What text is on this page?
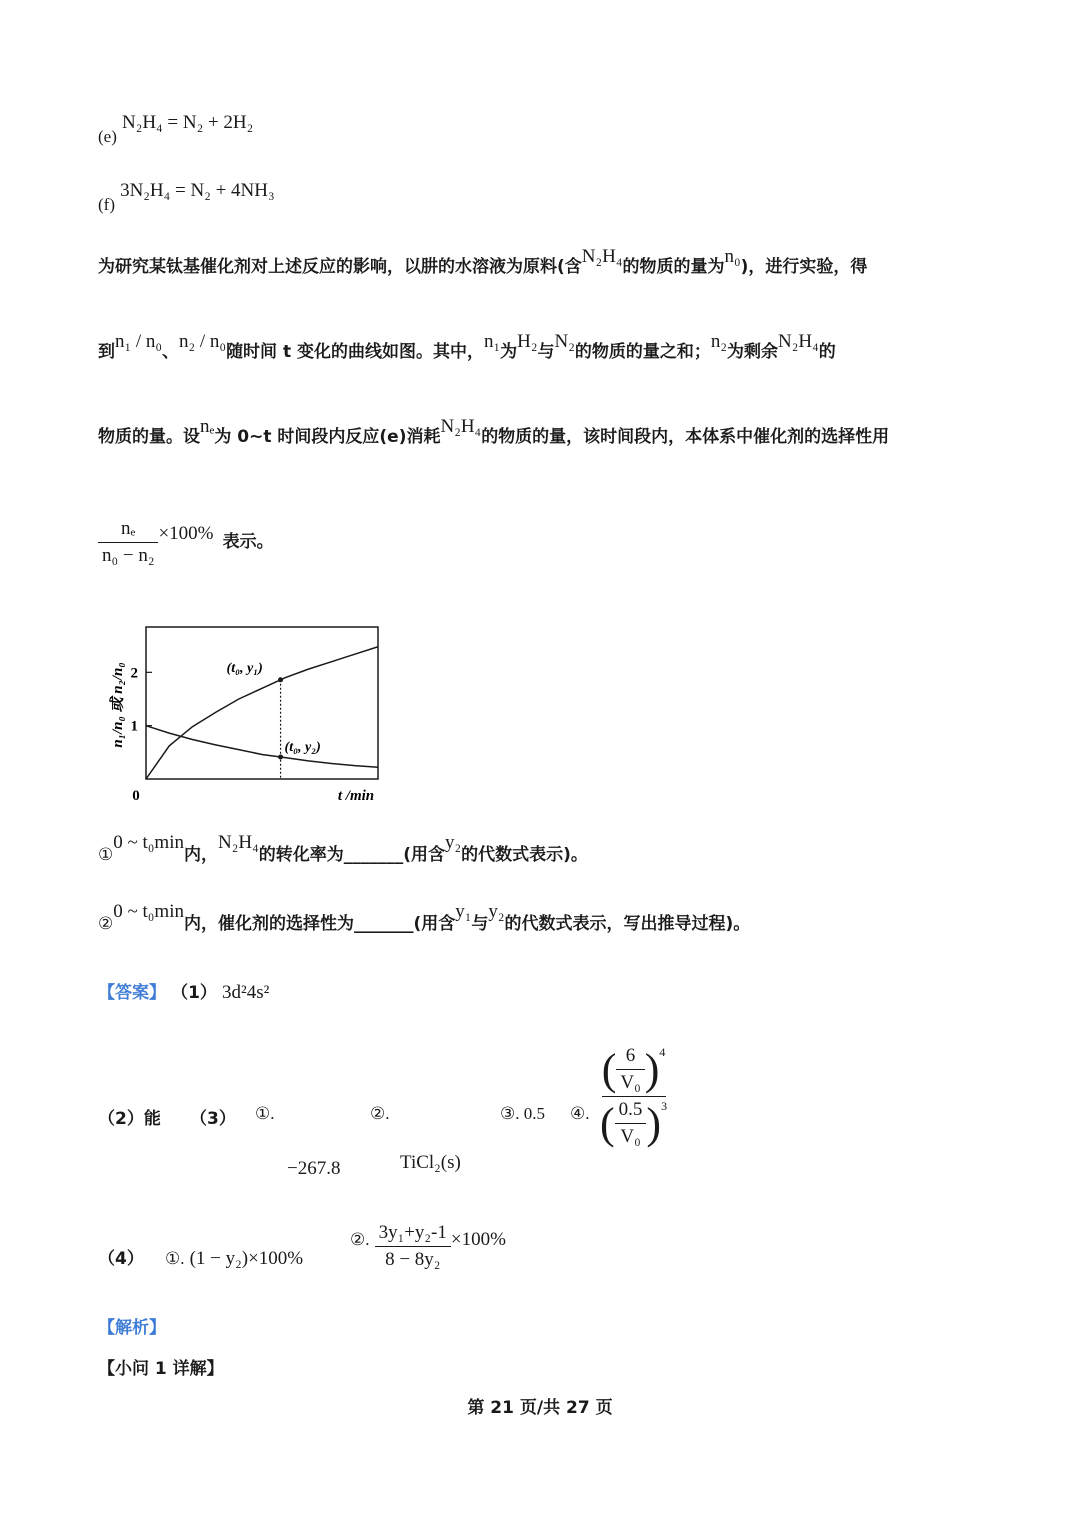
(e) N₂H₄ = N₂ + 2H₂
(f) 3N₂H₄ = N₂ + 4NH₃
为研究某钛基催化剂对上述反应的影响，以肼的水溶液为原料(含N₂H₄的物质的量为n₀)，进行实验，得
到n₁ / n₀、n₂ / n₀随时间 t 变化的曲线如图。其中，n₁为H₂与N₂的物质的量之和；n₂为剩余N₂H₄的
物质的量。设nₑ为 0~t 时间段内反应(e)消耗N₂H₄的物质的量，该时间段内，本体系中催化剂的选择性用
$\frac{\text{nₑ}}{\text{n₀ − n₂}} \times 100\%$ 表示。
n₁/n₀ 或 n₂/n₀
t /min
0
1
2	(t₀, y₁)
(t₀, y₂)
①0 ~ t₀min内，N₂H₄的转化率为_______(用含y₂的代数式表示)。
②0 ~ t₀min内，催化剂的选择性为_______(用含y₁与y₂的代数式表示，写出推导过程)。
【答案】 （1） 3d²4s²
（2）能 （3） ①.
−267.8
②.
TiCl₂(s)
③. 0.5 ④.
( $\frac{6}{\text{V₀}}$ ) 4
( $\frac{0.5}{\text{V₀}}$ ) 3
（4） ①. (1 − y₂)×100%
②. $\frac{\text{3y₁+y₂-1}}{\text{8 − 8y₂}} \times 100\%$
【解析】
【小问 1 详解】
第 21 页/共 27 页
